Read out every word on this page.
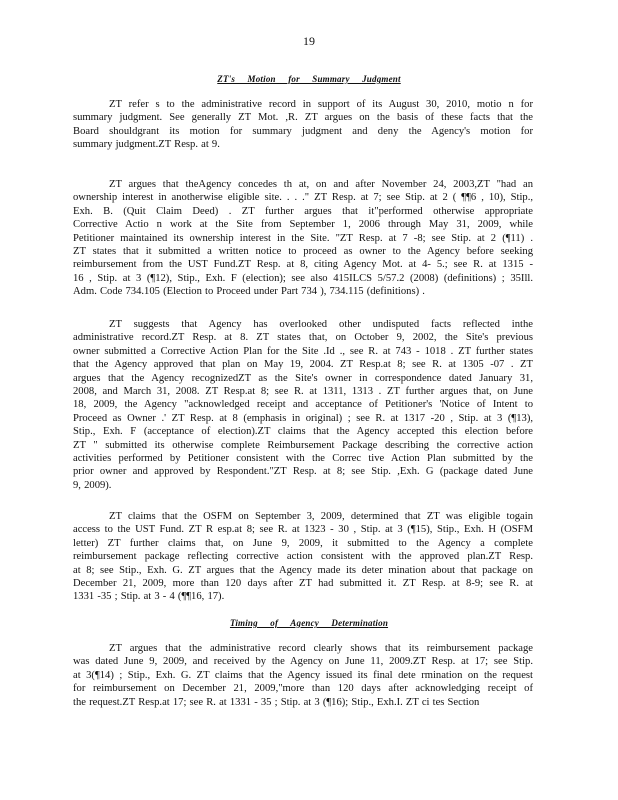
19
ZT's Motion for Summary Judgment
ZT refer s to the administrative record in support of its August 30, 2010, motio n for
summary judgment. See generally ZT Mot. ,R. ZT argues on the basis of these facts that the
Board shouldgrant its motion for summary judgment and deny the Agency's motion for
summary judgment.ZT Resp. at 9.
ZT argues that theAgency concedes th at, on and after November 24, 2003,ZT "had an
ownership interest in anotherwise eligible site. . . ." ZT Resp. at 7; see Stip. at 2 ( ¶¶6 , 10), Stip.,
Exh. B. (Quit Claim Deed) . ZT further argues that it"performed otherwise appropriate
Corrective Actio n work at the Site from September 1, 2006 through May 31, 2009, while
Petitioner maintained its ownership interest in the Site. "ZT Resp. at 7 -8; see Stip. at 2 (¶11) .
ZT states that it submitted a written notice to proceed as owner to the Agency before seeking
reimbursement from the UST Fund.ZT Resp. at 8, citing Agency Mot. at 4- 5.; see R. at 1315 -
16 , Stip. at 3 (¶12), Stip., Exh. F (election); see also 415ILCS 5/57.2 (2008) (definitions) ; 35Ill.
Adm. Code 734.105 (Election to Proceed under Part 734 ), 734.115 (definitions) .
ZT suggests that Agency has overlooked other undisputed facts reflected inthe
administrative record.ZT Resp. at 8. ZT states that, on October 9, 2002, the Site's previous
owner submitted a Corrective Action Plan for the Site .Id ., see R. at 743 - 1018 . ZT further states
that the Agency approved that plan on May 19, 2004. ZT Resp.at 8; see R. at 1305 -07 . ZT
argues that the Agency recognizedZT as the Site's owner in correspondence dated January 31,
2008, and March 31, 2008. ZT Resp.at 8; see R. at 1311, 1313 . ZT further argues that, on June
18, 2009, the Agency "acknowledged receipt and acceptance of Petitioner's 'Notice of Intent to
Proceed as Owner .' ZT Resp. at 8 (emphasis in original) ; see R. at 1317 -20 , Stip. at 3 (¶13),
Stip., Exh. F (acceptance of election).ZT claims that the Agency accepted this election before
ZT " submitted its otherwise complete Reimbursement Package describing the corrective action
activities performed by Petitioner consistent with the Correc tive Action Plan submitted by the
prior owner and approved by Respondent."ZT Resp. at 8; see Stip. ,Exh. G (package dated June
9, 2009).
ZT claims that the OSFM on September 3, 2009, determined that ZT was eligible togain
access to the UST Fund. ZT R esp.at 8; see R. at 1323 - 30 , Stip. at 3 (¶15), Stip., Exh. H (OSFM
letter) ZT further claims that, on June 9, 2009, it submitted to the Agency a complete
reimbursement package reflecting corrective action consistent with the approved plan.ZT Resp.
at 8; see Stip., Exh. G. ZT argues that the Agency made its deter mination about that package on
December 21, 2009, more than 120 days after ZT had submitted it. ZT Resp. at 8-9; see R. at
1331 -35 ; Stip. at 3 - 4 (¶¶16, 17).
Timing of Agency Determination
ZT argues that the administrative record clearly shows that its reimbursement package
was dated June 9, 2009, and received by the Agency on June 11, 2009.ZT Resp. at 17; see Stip.
at 3(¶14) ; Stip., Exh. G. ZT claims that the Agency issued its final dete rmination on the request
for reimbursement on December 21, 2009,"more than 120 days after acknowledging receipt of
the request.ZT Resp.at 17; see R. at 1331 - 35 ; Stip. at 3 (¶16); Stip., Exh.I. ZT ci tes Section
